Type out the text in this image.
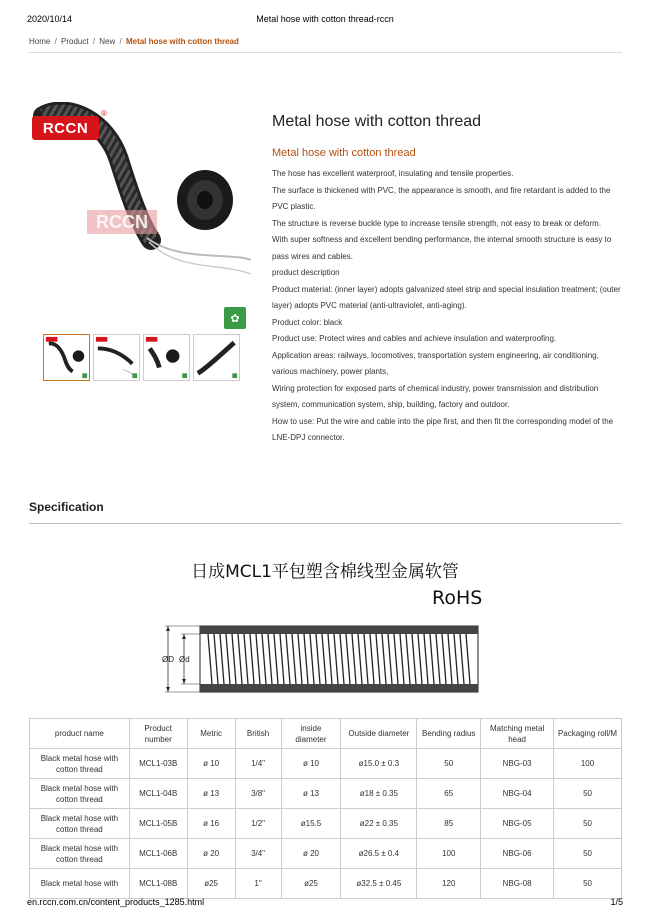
2020/10/14	Metal hose with cotton thread-rccn
Home / Product / New / Metal hose with cotton thread
RCCN
RCCN
®
✿
Metal hose with cotton thread
Metal hose with cotton thread

The hose has excellent waterproof, insulating and tensile properties.

The surface is thickened with PVC, the appearance is smooth, and fire retardant is added to the PVC plastic.

The structure is reverse buckle type to increase tensile strength, not easy to break or deform.

With super softness and excellent bending performance, the internal smooth structure is easy to pass wires and cables.

product description

Product material: (inner layer) adopts galvanized steel strip and special insulation treatment; (outer layer) adopts PVC material (anti-ultraviolet, anti-aging).

Product color: black

Product use: Protect wires and cables and achieve insulation and waterproofing.

Application areas: railways, locomotives, transportation system engineering, air conditioning, various machinery, power plants,

Wiring protection for exposed parts of chemical industry, power transmission and distribution system, communication system, ship, building, factory and outdoor.

How to use: Put the wire and cable into the pipe first, and then fit the corresponding model of the LNE-DPJ connector.

Specification
日成MCL1平包塑含棉线型金属软管
RoHS
ØD Ød
product name	Product number	Metric	British	inside diameter	Outside diameter	Bending radius	Matching metal head	Packaging roll/M
Black metal hose with cotton thread	MCL1-03B	ø 10	1/4"	ø 10	ø15.0 ± 0.3	50	NBG-03	100
Black metal hose with cotton thread	MCL1-04B	ø 13	3/8"	ø 13	ø18 ± 0.35	65	NBG-04	50
Black metal hose with cotton thread	MCL1-05B	ø 16	1/2"	ø15.5	ø22 ± 0.35	85	NBG-05	50
Black metal hose with cotton thread	MCL1-06B	ø 20	3/4"	ø 20	ø26.5 ± 0.4	100	NBG-06	50
Black metal hose with	MCL1-08B	ø25	1"	ø25	ø32.5 ± 0.45	120	NBG-08	50
en.rccn.com.cn/content_products_1285.html	1/5
